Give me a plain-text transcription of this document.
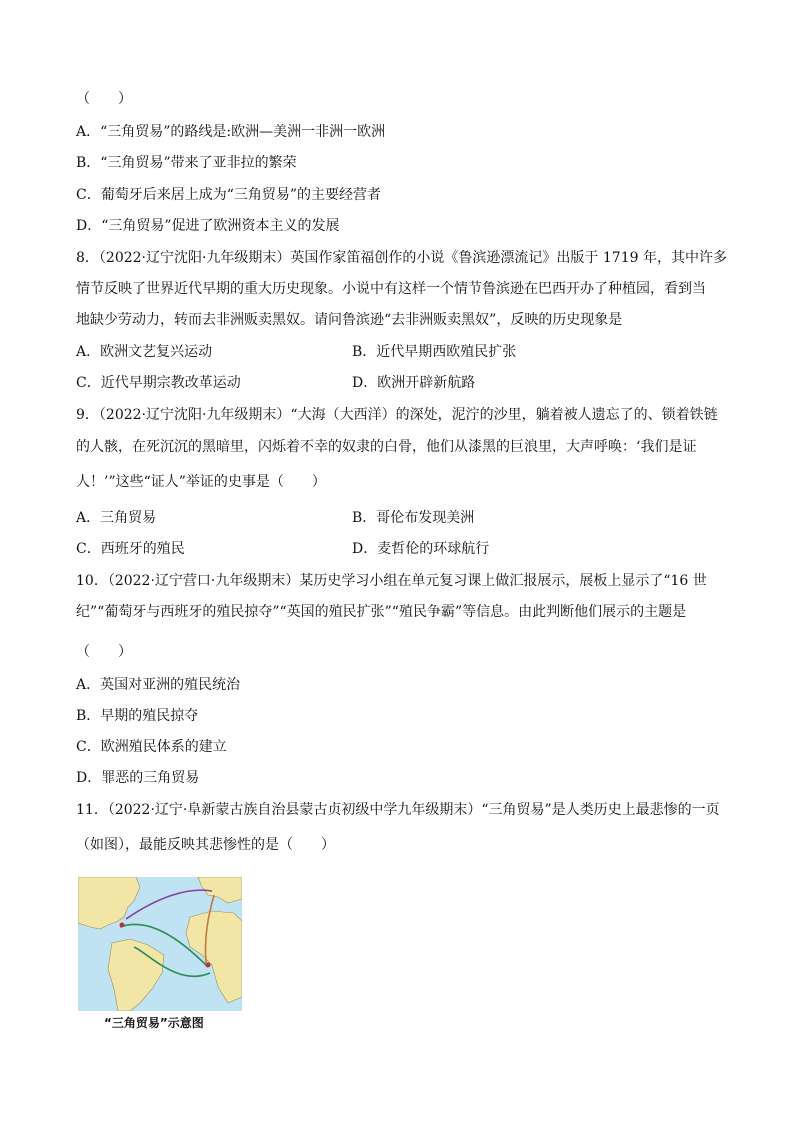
（　　）
A．“三角贸易”的路线是:欧洲—美洲一非洲一欧洲
B．“三角贸易”带来了亚非拉的繁荣
C．葡萄牙后来居上成为“三角贸易”的主要经营者
D．“三角贸易”促进了欧洲资本主义的发展
8．（2022·辽宁沈阳·九年级期末）英国作家笛福创作的小说《鲁滨逊漂流记》出版于 1719 年，其中许多
情节反映了世界近代早期的重大历史现象。小说中有这样一个情节鲁滨逊在巴西开办了种植园，看到当
地缺少劳动力，转而去非洲贩卖黑奴。请问鲁滨逊“去非洲贩卖黑奴”，反映的历史现象是
A．欧洲文艺复兴运动	B．近代早期西欧殖民扩张
C．近代早期宗教改革运动	D．欧洲开辟新航路
9．（2022·辽宁沈阳·九年级期末）“大海（大西洋）的深处，泥泞的沙里，躺着被人遗忘了的、锁着铁链
的人骸，在死沉沉的黑暗里，闪烁着不幸的奴隶的白骨，他们从漆黑的巨浪里，大声呼唤：‘我们是证
人！’”这些“证人”举证的史事是（　　）
A．三角贸易	B．哥伦布发现美洲
C．西班牙的殖民	D．麦哲伦的环球航行
10．（2022·辽宁营口·九年级期末）某历史学习小组在单元复习课上做汇报展示，展板上显示了“16 世
纪”“葡萄牙与西班牙的殖民掠夺”“英国的殖民扩张”“殖民争霸”等信息。由此判断他们展示的主题是
（　　）
A．英国对亚洲的殖民统治
B．早期的殖民掠夺
C．欧洲殖民体系的建立
D．罪恶的三角贸易
11．（2022·辽宁·阜新蒙古族自治县蒙古贞初级中学九年级期末）“三角贸易”是人类历史上最悲惨的一页
（如图），最能反映其悲惨性的是（　　）
“三角贸易”示意图
